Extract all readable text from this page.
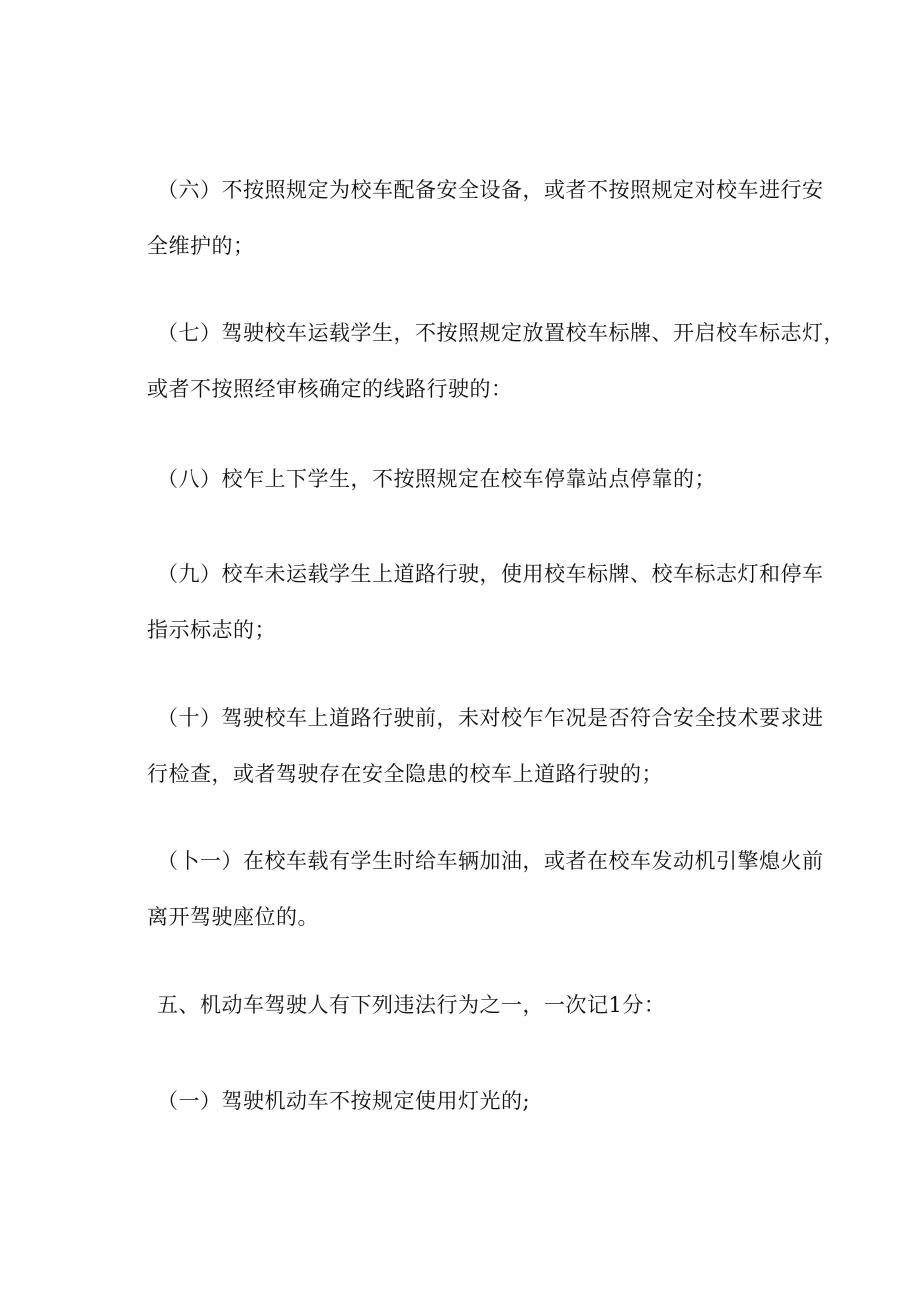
（六）不按照规定为校车配备安全设备，或者不按照规定对校车进行安
全维护的；

（七）驾驶校车运载学生，不按照规定放置校车标牌、开启校车标志灯，
或者不按照经审核确定的线路行驶的：

（八）校乍上下学生，不按照规定在校车停靠站点停靠的；

（九）校车未运载学生上道路行驶，使用校车标牌、校车标志灯和停车
指示标志的；

（十）驾驶校车上道路行驶前，未对校乍乍况是否符合安全技术要求进
行检查，或者驾驶存在安全隐患的校车上道路行驶的；

（卜一）在校车载有学生时给车辆加油，或者在校车发动机引擎熄火前
离开驾驶座位的。

五、机动车驾驶人有下列违法行为之一，一次记1分：

（一）驾驶机动车不按规定使用灯光的;
